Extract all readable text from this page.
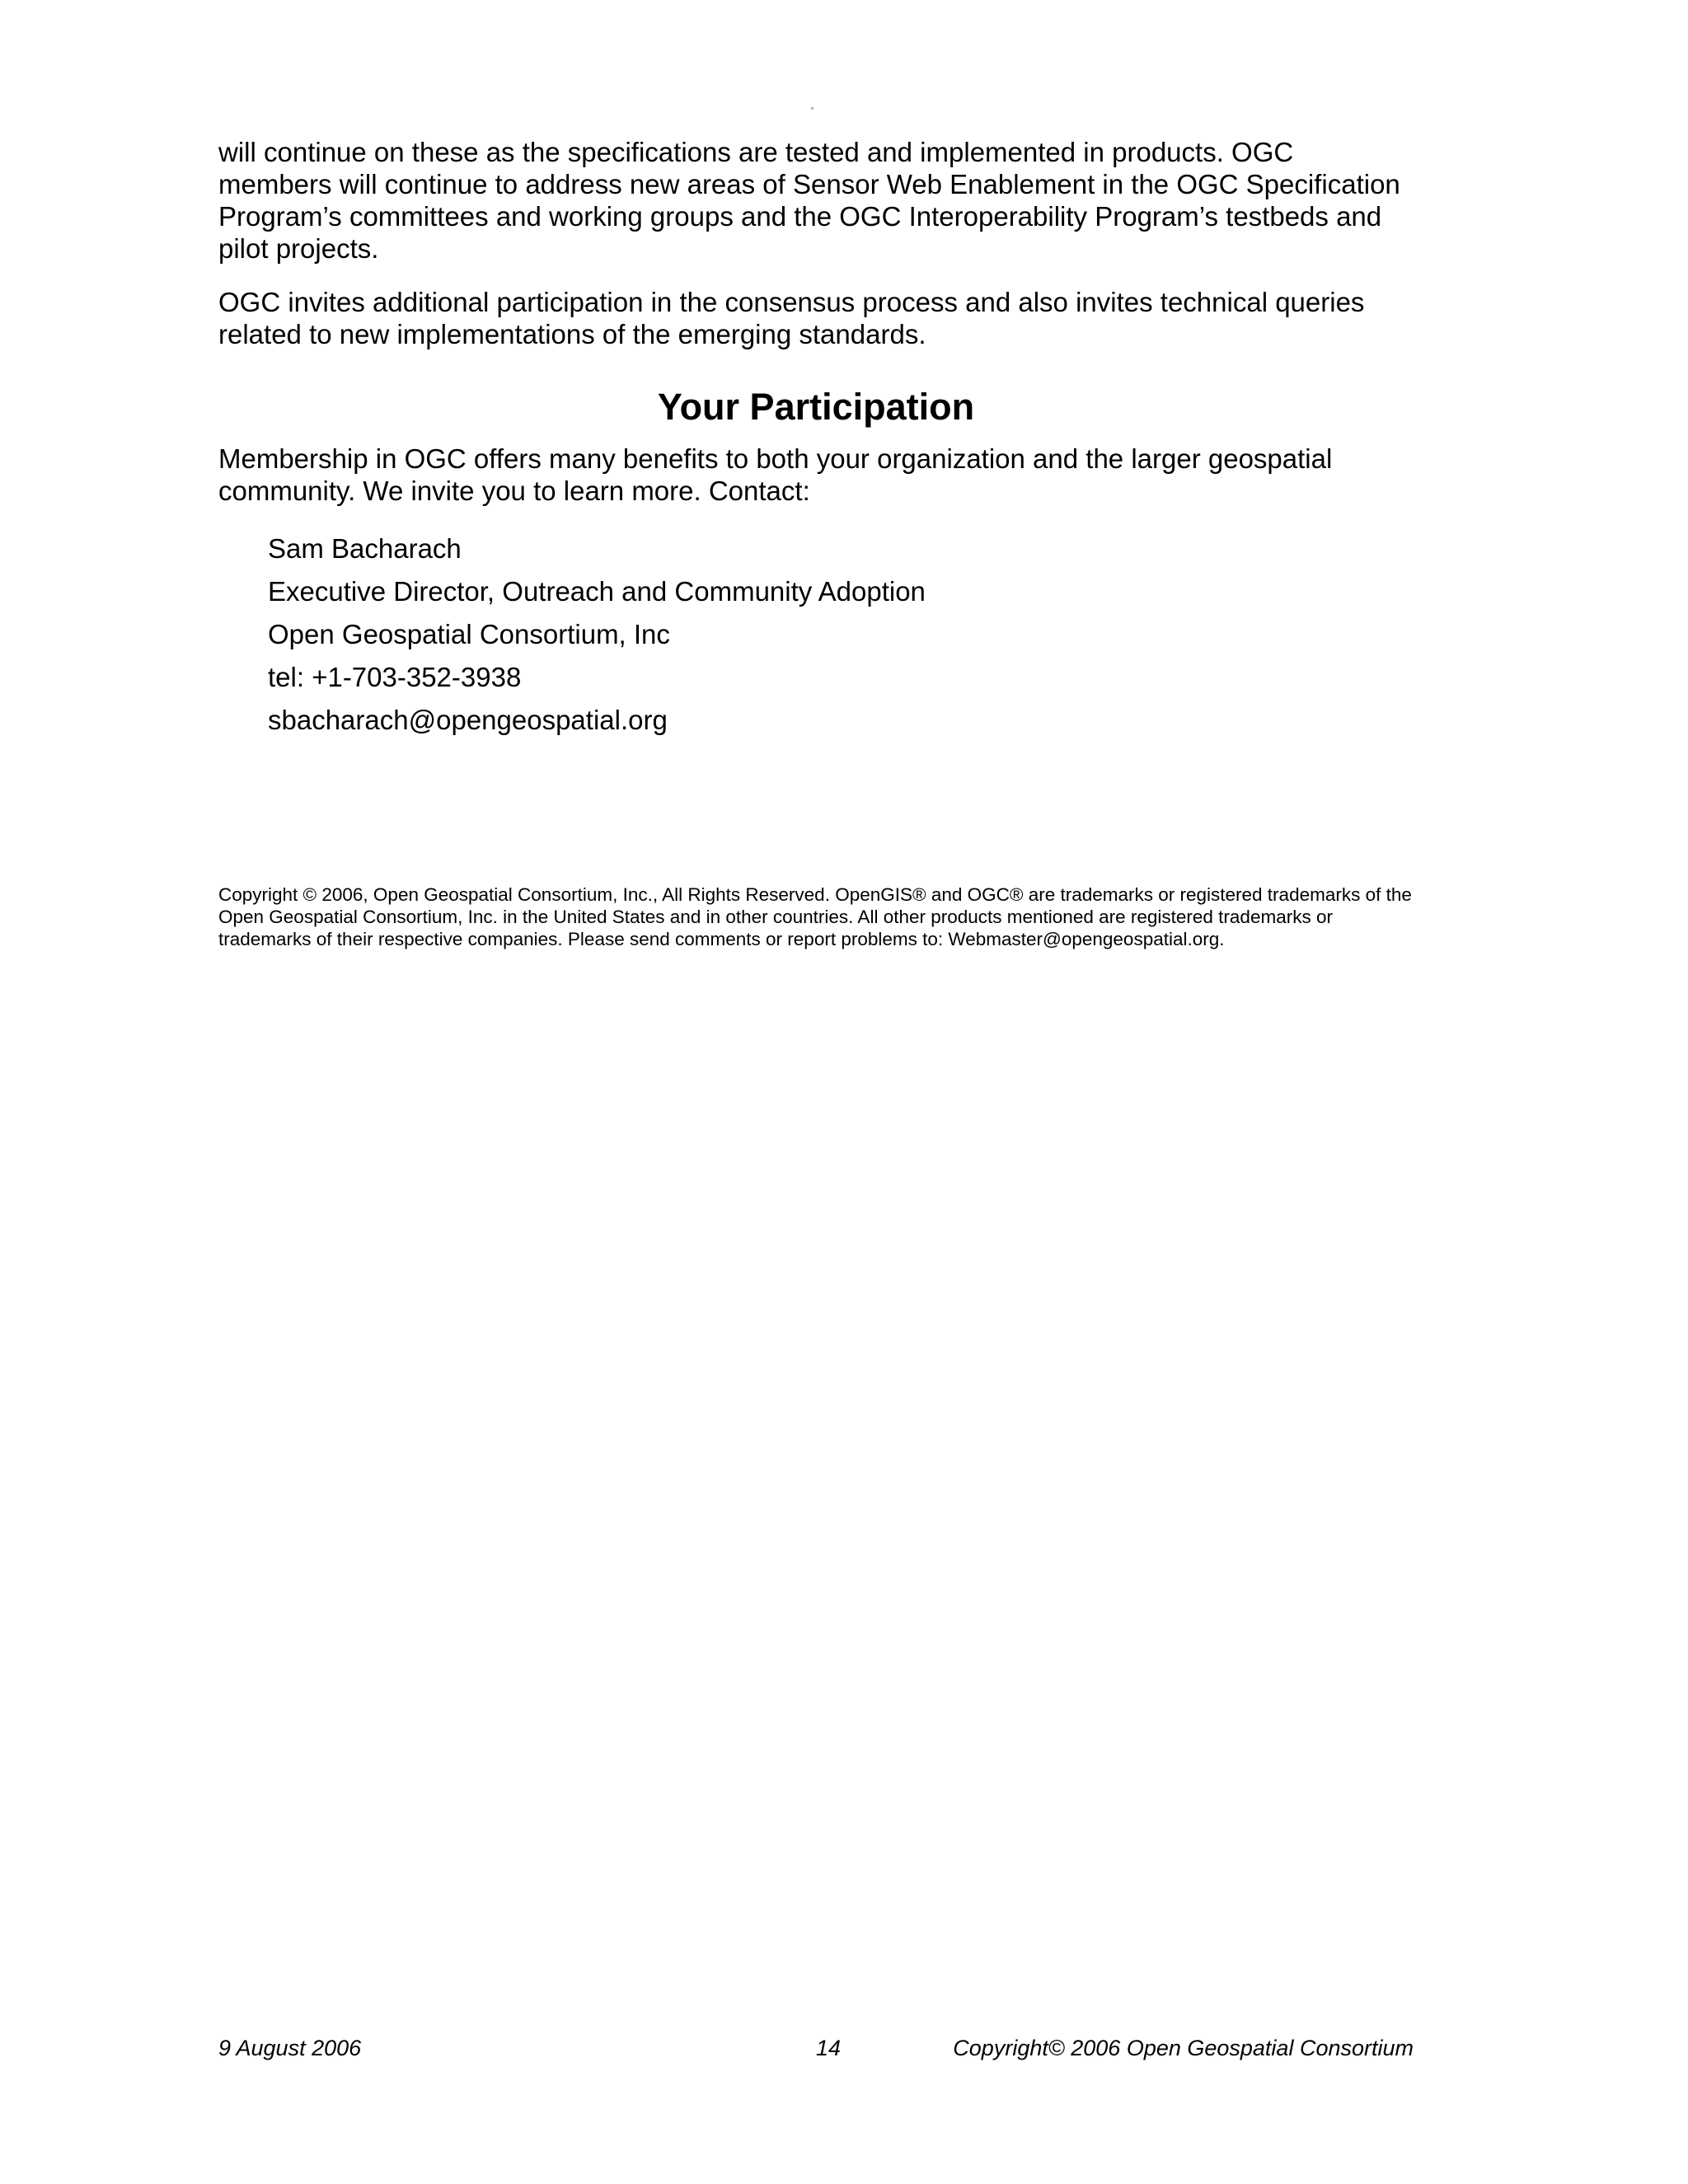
will continue on these as the specifications are tested and implemented in products. OGC members will continue to address new areas of Sensor Web Enablement in the OGC Specification Program’s committees and working groups and the OGC Interoperability Program’s testbeds and pilot projects.

OGC invites additional participation in the consensus process and also invites technical queries related to new implementations of the emerging standards.

Your Participation

Membership in OGC offers many benefits to both your organization and the larger geospatial community. We invite you to learn more. Contact:

Sam Bacharach

Executive Director, Outreach and Community Adoption

Open Geospatial Consortium, Inc

tel: +1-703-352-3938

sbacharach@opengeospatial.org

Copyright © 2006, Open Geospatial Consortium, Inc., All Rights Reserved. OpenGIS® and OGC® are trademarks or registered trademarks of the Open Geospatial Consortium, Inc. in the United States and in other countries. All other products mentioned are registered trademarks or trademarks of their respective companies. Please send comments or report problems to: Webmaster@opengeospatial.org.

9 August 2006	14	Copyright© 2006 Open Geospatial Consortium
